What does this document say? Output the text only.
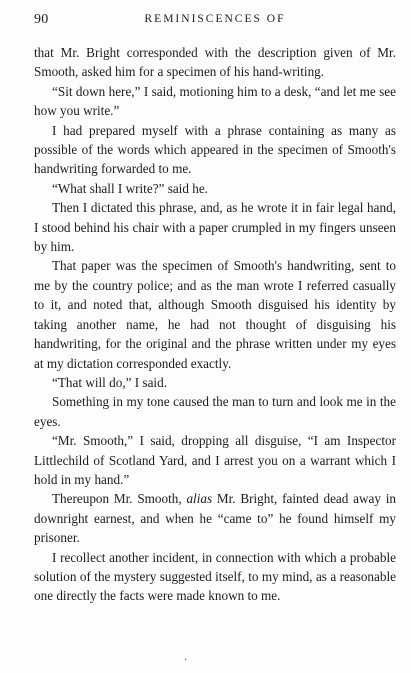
90	REMINISCENCES OF

that Mr. Bright corresponded with the description given of Mr. Smooth, asked him for a specimen of his hand-writing.

“Sit down here,” I said, motioning him to a desk, “and let me see how you write.”

I had prepared myself with a phrase containing as many as possible of the words which appeared in the specimen of Smooth's handwriting forwarded to me.

“What shall I write?” said he.

Then I dictated this phrase, and, as he wrote it in fair legal hand, I stood behind his chair with a paper crumpled in my fingers unseen by him.

That paper was the specimen of Smooth's handwriting, sent to me by the country police; and as the man wrote I referred casually to it, and noted that, although Smooth disguised his identity by taking another name, he had not thought of disguising his handwriting, for the original and the phrase written under my eyes at my dictation corresponded exactly.

“That will do,” I said.

Something in my tone caused the man to turn and look me in the eyes.

“Mr. Smooth,” I said, dropping all disguise, “I am Inspector Littlechild of Scotland Yard, and I arrest you on a warrant which I hold in my hand.”

Thereupon Mr. Smooth, alias Mr. Bright, fainted dead away in downright earnest, and when he “came to” he found himself my prisoner.

I recollect another incident, in connection with which a probable solution of the mystery suggested itself, to my mind, as a reasonable one directly the facts were made known to me.

·
